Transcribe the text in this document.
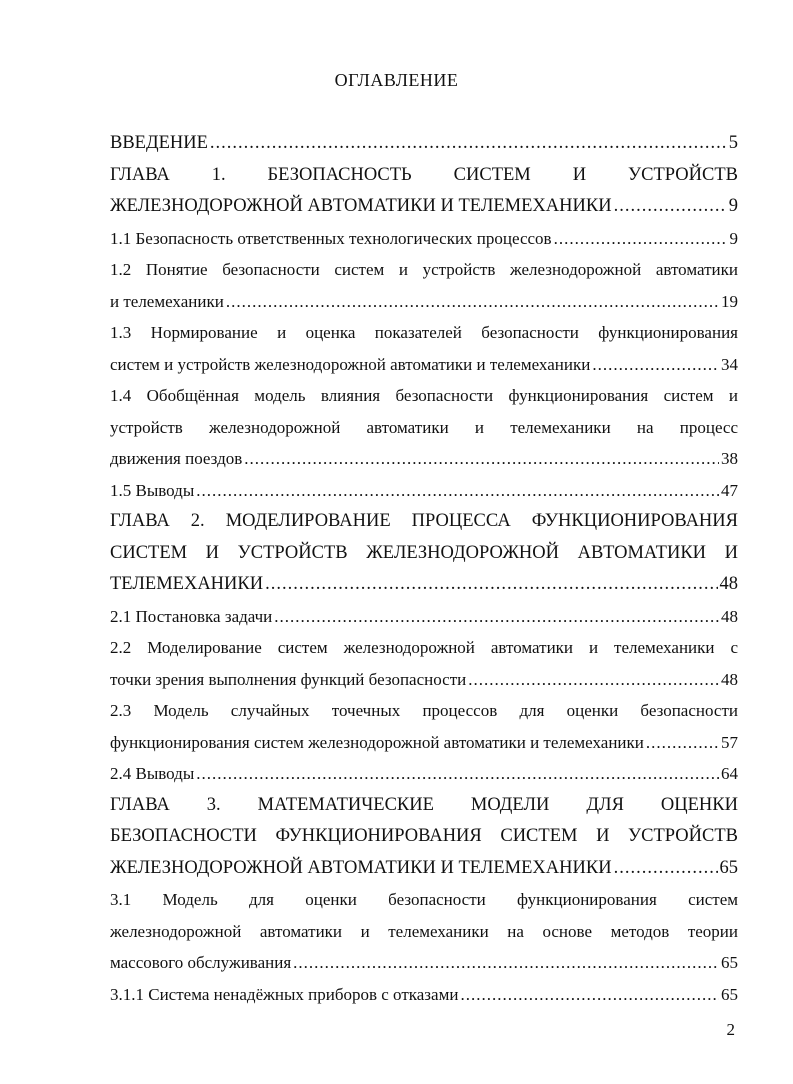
ОГЛАВЛЕНИЕ
ВВЕДЕНИЕ .....	5
ГЛАВА 1. БЕЗОПАСНОСТЬ СИСТЕМ И УСТРОЙСТВ
ЖЕЛЕЗНОДОРОЖНОЙ АВТОМАТИКИ И ТЕЛЕМЕХАНИКИ .....	9
1.1 Безопасность ответственных технологических процессов .....	9
1.2 Понятие безопасности систем и устройств железнодорожной автоматики
и телемеханики .....	19
1.3 Нормирование и оценка показателей безопасности функционирования
систем и устройств железнодорожной автоматики и телемеханики .....	34
1.4 Обобщённая модель влияния безопасности функционирования систем и
устройств железнодорожной автоматики и телемеханики на процесс
движения поездов .....	38
1.5 Выводы .....	47
ГЛАВА 2. МОДЕЛИРОВАНИЕ ПРОЦЕССА ФУНКЦИОНИРОВАНИЯ
СИСТЕМ И УСТРОЙСТВ ЖЕЛЕЗНОДОРОЖНОЙ АВТОМАТИКИ И
ТЕЛЕМЕХАНИКИ .....	48
2.1 Постановка задачи .....	48
2.2 Моделирование систем железнодорожной автоматики и телемеханики с
точки зрения выполнения функций безопасности .....	48
2.3 Модель случайных точечных процессов для оценки безопасности
функционирования систем железнодорожной автоматики и телемеханики .....	57
2.4 Выводы .....	64
ГЛАВА 3. МАТЕМАТИЧЕСКИЕ МОДЕЛИ ДЛЯ ОЦЕНКИ
БЕЗОПАСНОСТИ ФУНКЦИОНИРОВАНИЯ СИСТЕМ И УСТРОЙСТВ
ЖЕЛЕЗНОДОРОЖНОЙ АВТОМАТИКИ И ТЕЛЕМЕХАНИКИ .....	65
3.1 Модель для оценки безопасности функционирования систем
железнодорожной автоматики и телемеханики на основе методов теории
массового обслуживания .....	65
3.1.1 Система ненадёжных приборов с отказами .....	65
2
